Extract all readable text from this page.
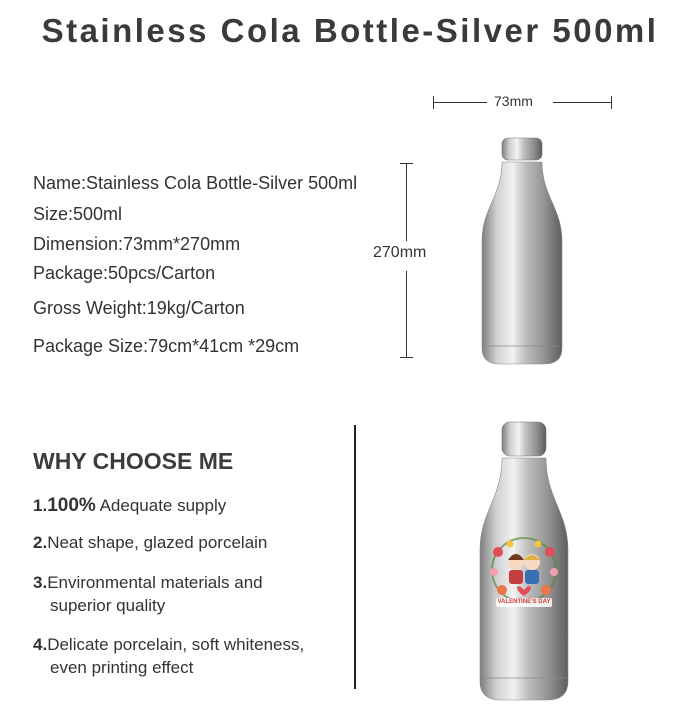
Stainless Cola Bottle-Silver 500ml
Name:Stainless Cola Bottle-Silver 500ml
Size:500ml
Dimension:73mm*270mm
Package:50pcs/Carton
Gross Weight:19kg/Carton
Package Size:79cm*41cm *29cm
73mm
270mm
WHY CHOOSE ME
1.100% Adequate supply
2.Neat shape, glazed porcelain
3.Environmental materials and
superior quality
4.Delicate porcelain, soft whiteness,
even printing effect
VALENTINE'S DAY
